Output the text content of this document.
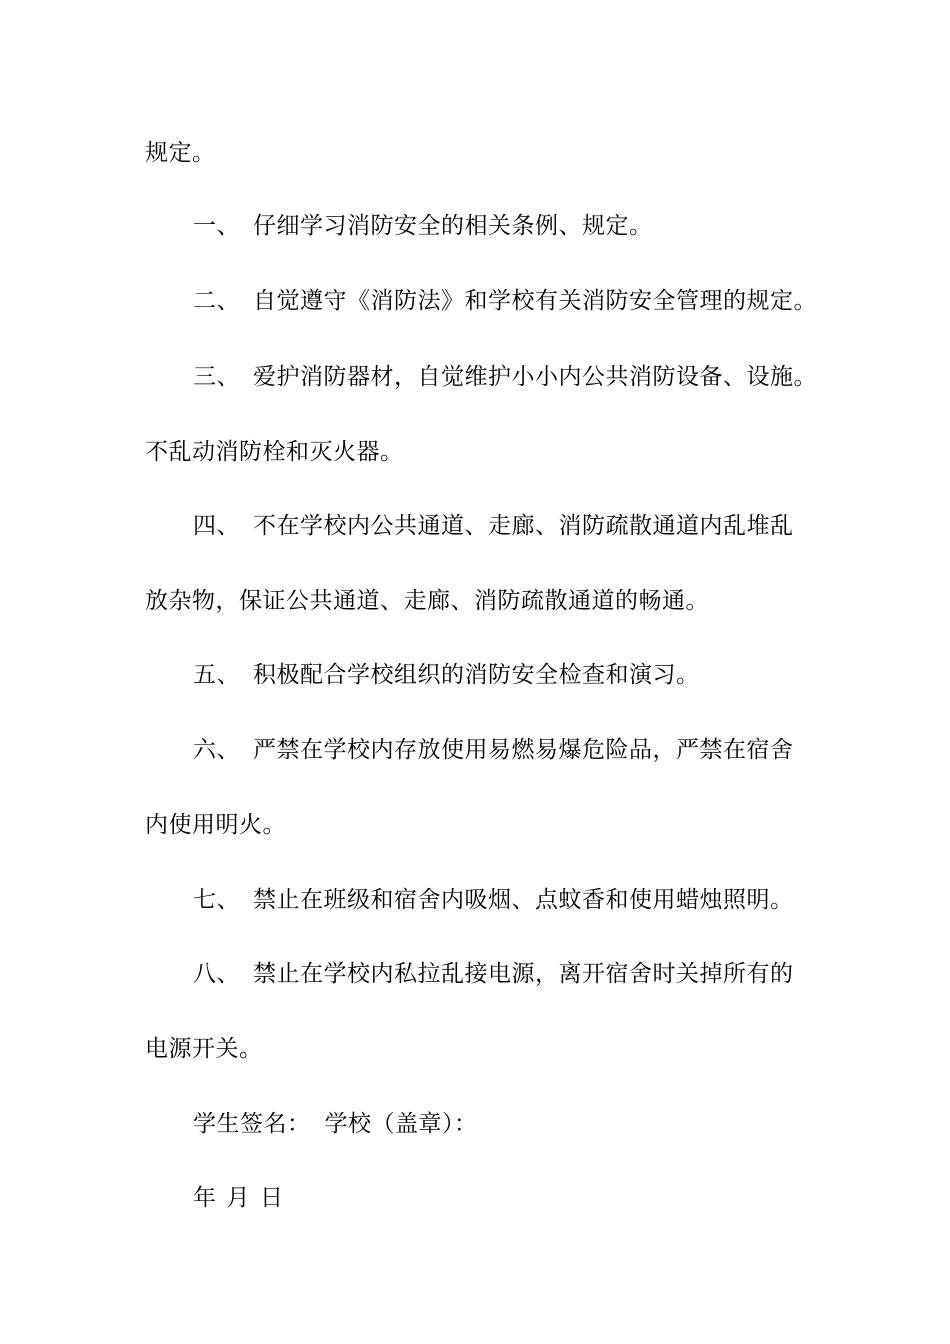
规定。
一、 仔细学习消防安全的相关条例、规定。
二、 自觉遵守《消防法》和学校有关消防安全管理的规定。
三、 爱护消防器材，自觉维护小小内公共消防设备、设施。
不乱动消防栓和灭火器。
四、 不在学校内公共通道、走廊、消防疏散通道内乱堆乱
放杂物，保证公共通道、走廊、消防疏散通道的畅通。
五、 积极配合学校组织的消防安全检查和演习。
六、 严禁在学校内存放使用易燃易爆危险品，严禁在宿舍
内使用明火。
七、 禁止在班级和宿舍内吸烟、点蚊香和使用蜡烛照明。
八、 禁止在学校内私拉乱接电源，离开宿舍时关掉所有的
电源开关。
学生签名： 学校（盖章）：
年 月 日
